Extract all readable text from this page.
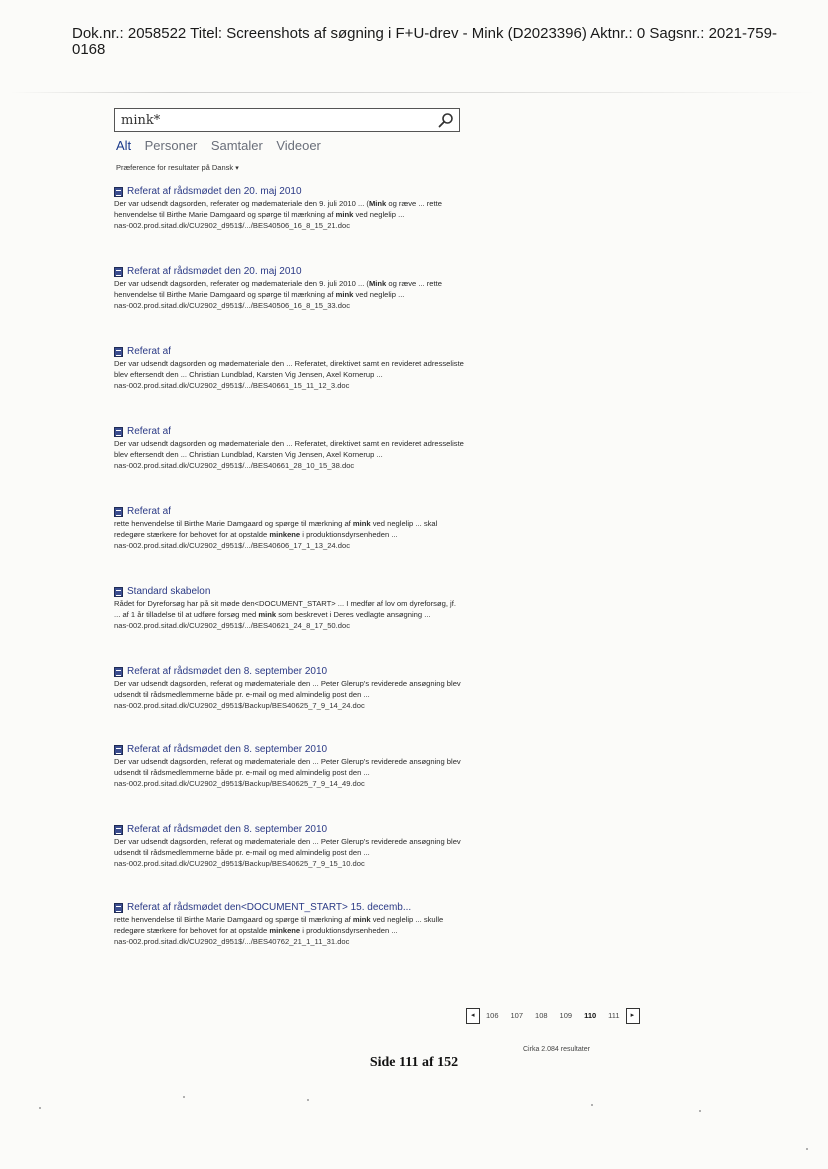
Dok.nr.: 2058522 Titel: Screenshots af søgning i F+U-drev - Mink (D2023396) Aktnr.: 0 Sagsnr.: 2021-759-0168
mink*
Alt Personer Samtaler Videoer
Præference for resultater på Dansk ▾
Referat af rådsmødet den 20. maj 2010
Der var udsendt dagsorden, referater og mødemateriale den 9. juli 2010 ... (Mink og ræve ... rette henvendelse til Birthe Marie Damgaard og spørge til mærkning af mink ved neglelip ...
nas-002.prod.sitad.dk/CU2902_d951$/.../BES40506_16_8_15_21.doc
Referat af rådsmødet den 20. maj 2010
Der var udsendt dagsorden, referater og mødemateriale den 9. juli 2010 ... (Mink og ræve ... rette henvendelse til Birthe Marie Damgaard og spørge til mærkning af mink ved neglelip ...
nas-002.prod.sitad.dk/CU2902_d951$/.../BES40506_16_8_15_33.doc
Referat af
Der var udsendt dagsorden og mødemateriale den ... Referatet, direktivet samt en revideret adresseliste blev eftersendt den ... Christian Lundblad, Karsten Vig Jensen, Axel Kornerup ...
nas-002.prod.sitad.dk/CU2902_d951$/.../BES40661_15_11_12_3.doc
Referat af
Der var udsendt dagsorden og mødemateriale den ... Referatet, direktivet samt en revideret adresseliste blev eftersendt den ... Christian Lundblad, Karsten Vig Jensen, Axel Kornerup ...
nas-002.prod.sitad.dk/CU2902_d951$/.../BES40661_28_10_15_38.doc
Referat af
rette henvendelse til Birthe Marie Damgaard og spørge til mærkning af mink ved neglelip ... skal redegøre stærkere for behovet for at opstalde minkene i produktionsdyrsenheden ...
nas-002.prod.sitad.dk/CU2902_d951$/.../BES40606_17_1_13_24.doc
Standard skabelon
Rådet for Dyreforsøg har på sit møde den<DOCUMENT_START> ... I medfør af lov om dyreforsøg, jf. ... af 1 år tilladelse til at udføre forsøg med mink som beskrevet i Deres vedlagte ansøgning ...
nas-002.prod.sitad.dk/CU2902_d951$/.../BES40621_24_8_17_50.doc
Referat af rådsmødet den 8. september 2010
Der var udsendt dagsorden, referat og mødemateriale den ... Peter Glerup's reviderede ansøgning blev udsendt til rådsmedlemmerne både pr. e-mail og med almindelig post den ...
nas-002.prod.sitad.dk/CU2902_d951$/Backup/BES40625_7_9_14_24.doc
Referat af rådsmødet den 8. september 2010
Der var udsendt dagsorden, referat og mødemateriale den ... Peter Glerup's reviderede ansøgning blev udsendt til rådsmedlemmerne både pr. e-mail og med almindelig post den ...
nas-002.prod.sitad.dk/CU2902_d951$/Backup/BES40625_7_9_14_49.doc
Referat af rådsmødet den 8. september 2010
Der var udsendt dagsorden, referat og mødemateriale den ... Peter Glerup's reviderede ansøgning blev udsendt til rådsmedlemmerne både pr. e-mail og med almindelig post den ...
nas-002.prod.sitad.dk/CU2902_d951$/Backup/BES40625_7_9_15_10.doc
Referat af rådsmødet den<DOCUMENT_START> 15. decemb...
rette henvendelse til Birthe Marie Damgaard og spørge til mærkning af mink ved neglelip ... skulle redegøre stærkere for behovet for at opstalde minkene i produktionsdyrsenheden ...
nas-002.prod.sitad.dk/CU2902_d951$/.../BES40762_21_1_11_31.doc
◂ 106 107 108 109 110 111 ▸
Cirka 2.084 resultater
Side 111 af 152
